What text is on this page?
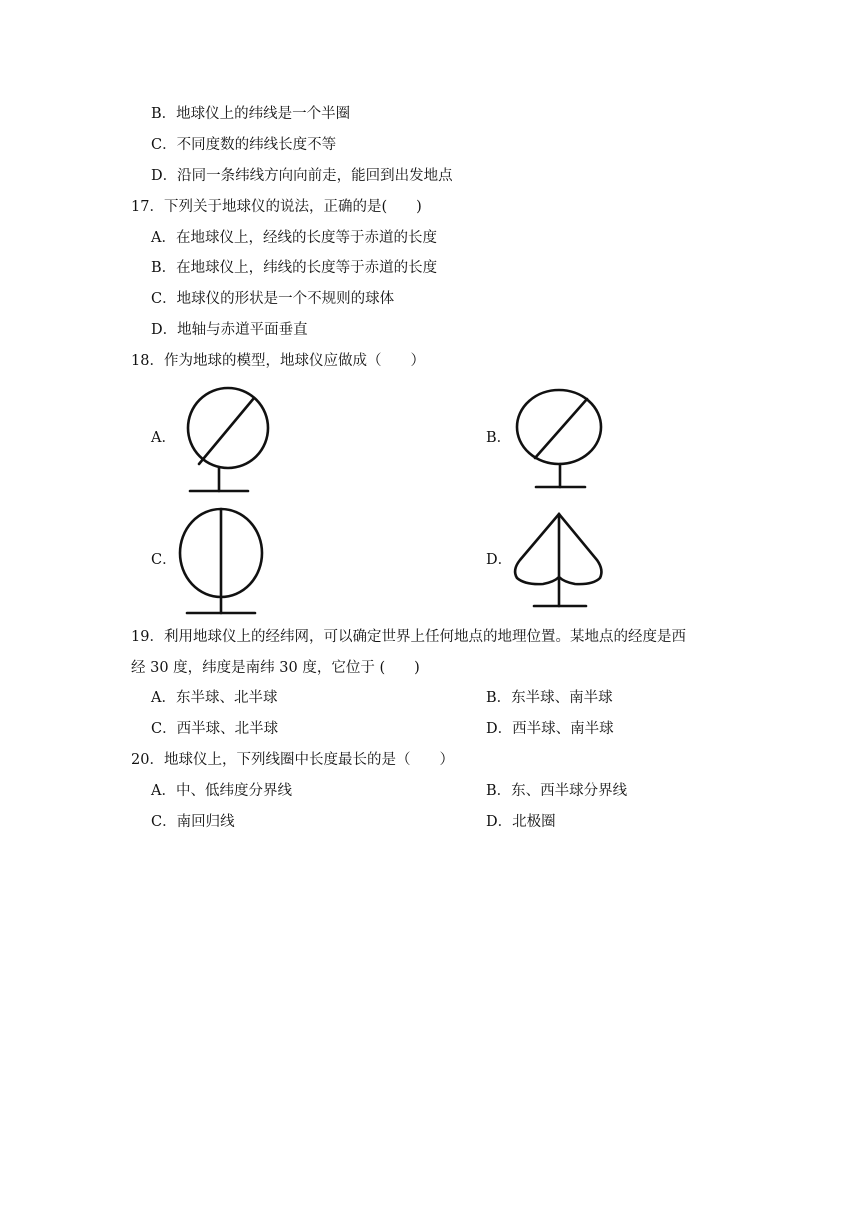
B．地球仪上的纬线是一个半圈
C．不同度数的纬线长度不等
D．沿同一条纬线方向向前走，能回到出发地点
17．下列关于地球仪的说法，正确的是(　　)
A．在地球仪上，经线的长度等于赤道的长度
B．在地球仪上，纬线的长度等于赤道的长度
C．地球仪的形状是一个不规则的球体
D．地轴与赤道平面垂直
18．作为地球的模型，地球仪应做成（　　）
A．	B．
C．	D．
19．利用地球仪上的经纬网，可以确定世界上任何地点的地理位置。某地点的经度是西
经 30 度，纬度是南纬 30 度，它位于 (　　)
A．东半球、北半球	B．东半球、南半球
C．西半球、北半球	D．西半球、南半球
20．地球仪上，下列线圈中长度最长的是（　　）
A．中、低纬度分界线	B．东、西半球分界线
C．南回归线	D．北极圈
